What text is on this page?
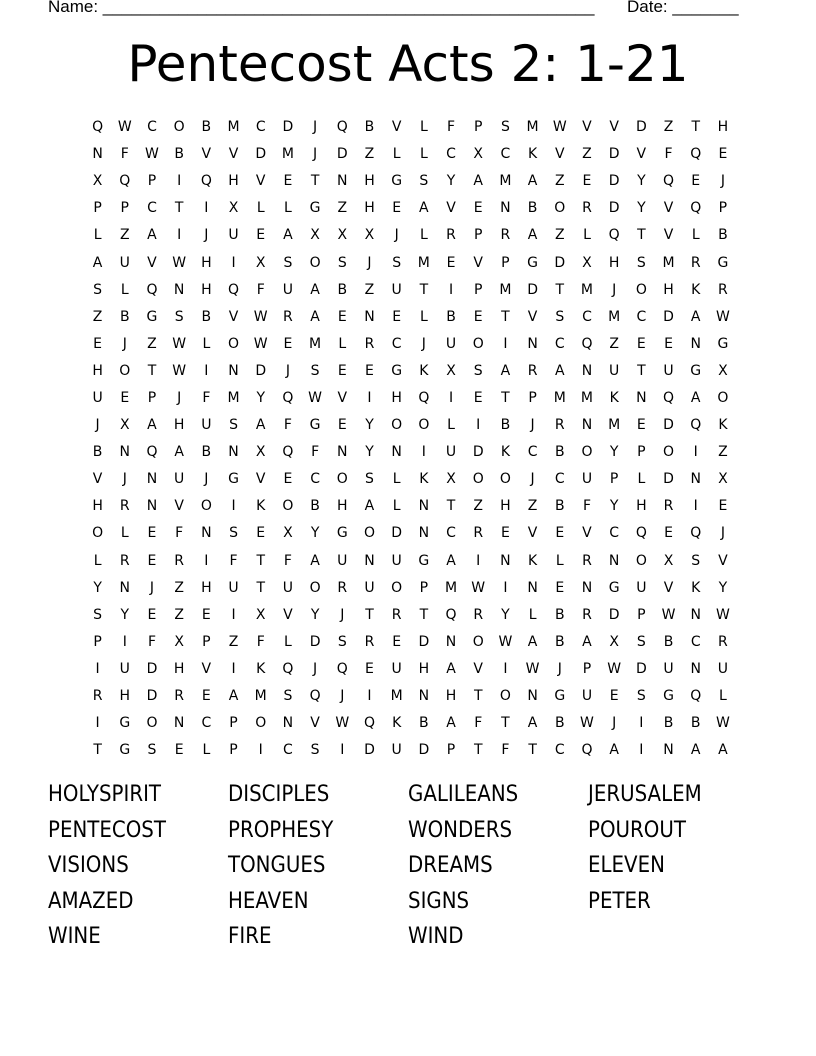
Name: ____________________________________________________ Date: _______
Pentecost Acts 2: 1-21
Q	W	C	O	B	M	C	D	J	Q	B	V	L	F	P	S	M	W	V	V	D	Z	T	H
N	F	W	B	V	V	D	M	J	D	Z	L	L	C	X	C	K	V	Z	D	V	F	Q	E
X	Q	P	I	Q	H	V	E	T	N	H	G	S	Y	A	M	A	Z	E	D	Y	Q	E	J
P	P	C	T	I	X	L	L	G	Z	H	E	A	V	E	N	B	O	R	D	Y	V	Q	P
L	Z	A	I	J	U	E	A	X	X	X	J	L	R	P	R	A	Z	L	Q	T	V	L	B
A	U	V	W	H	I	X	S	O	S	J	S	M	E	V	P	G	D	X	H	S	M	R	G
S	L	Q	N	H	Q	F	U	A	B	Z	U	T	I	P	M	D	T	M	J	O	H	K	R
Z	B	G	S	B	V	W	R	A	E	N	E	L	B	E	T	V	S	C	M	C	D	A	W
E	J	Z	W	L	O	W	E	M	L	R	C	J	U	O	I	N	C	Q	Z	E	E	N	G
H	O	T	W	I	N	D	J	S	E	E	G	K	X	S	A	R	A	N	U	T	U	G	X
U	E	P	J	F	M	Y	Q	W	V	I	H	Q	I	E	T	P	M	M	K	N	Q	A	O
J	X	A	H	U	S	A	F	G	E	Y	O	O	L	I	B	J	R	N	M	E	D	Q	K
B	N	Q	A	B	N	X	Q	F	N	Y	N	I	U	D	K	C	B	O	Y	P	O	I	Z
V	J	N	U	J	G	V	E	C	O	S	L	K	X	O	O	J	C	U	P	L	D	N	X
H	R	N	V	O	I	K	O	B	H	A	L	N	T	Z	H	Z	B	F	Y	H	R	I	E
O	L	E	F	N	S	E	X	Y	G	O	D	N	C	R	E	V	E	V	C	Q	E	Q	J
L	R	E	R	I	F	T	F	A	U	N	U	G	A	I	N	K	L	R	N	O	X	S	V
Y	N	J	Z	H	U	T	U	O	R	U	O	P	M	W	I	N	E	N	G	U	V	K	Y
S	Y	E	Z	E	I	X	V	Y	J	T	R	T	Q	R	Y	L	B	R	D	P	W	N	W
P	I	F	X	P	Z	F	L	D	S	R	E	D	N	O	W	A	B	A	X	S	B	C	R
I	U	D	H	V	I	K	Q	J	Q	E	U	H	A	V	I	W	J	P	W	D	U	N	U
R	H	D	R	E	A	M	S	Q	J	I	M	N	H	T	O	N	G	U	E	S	G	Q	L
I	G	O	N	C	P	O	N	V	W	Q	K	B	A	F	T	A	B	W	J	I	B	B	W
T	G	S	E	L	P	I	C	S	I	D	U	D	P	T	F	T	C	Q	A	I	N	A	A
HOLYSPIRIT	DISCIPLES	GALILEANS	JERUSALEM
PENTECOST	PROPHESY	WONDERS	POUROUT
VISIONS	TONGUES	DREAMS	ELEVEN
AMAZED	HEAVEN	SIGNS	PETER
WINE	FIRE	WIND
